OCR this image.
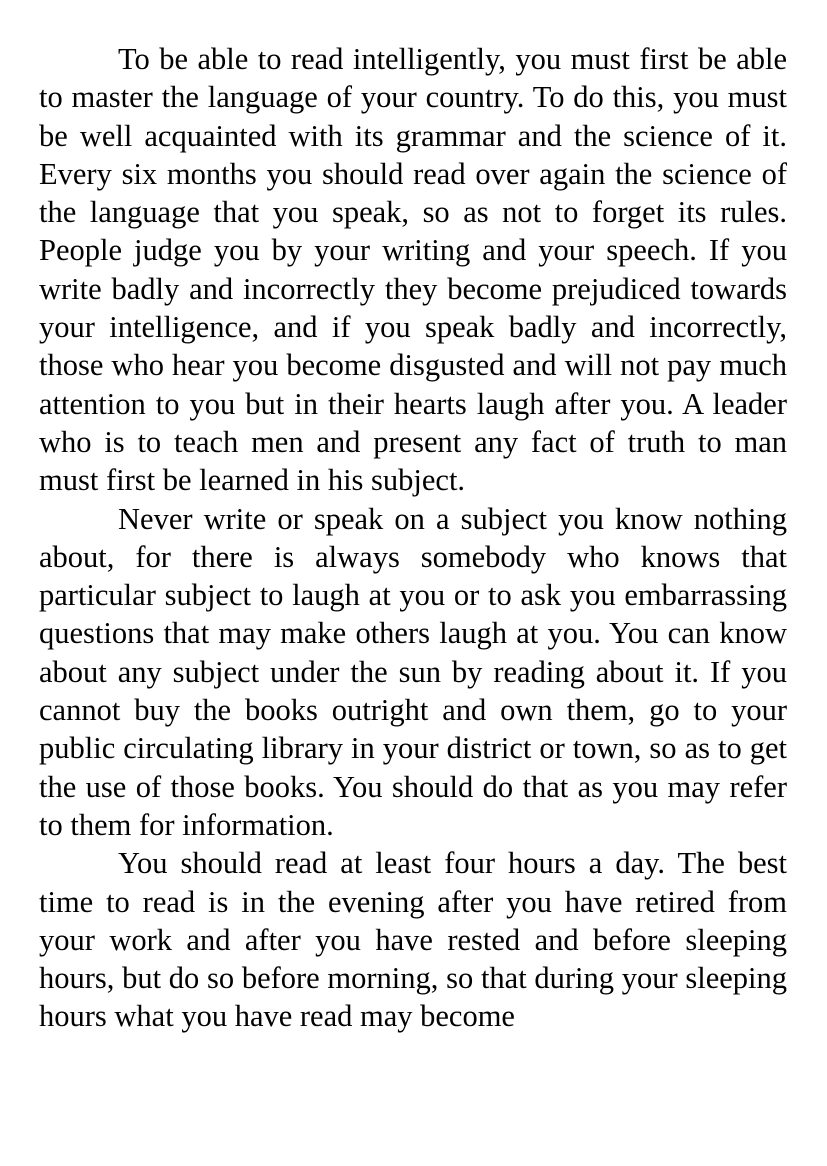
To be able to read intelligently, you must first be able to master the language of your country. To do this, you must be well acquainted with its grammar and the science of it. Every six months you should read over again the science of the language that you speak, so as not to forget its rules. People judge you by your writing and your speech. If you write badly and incorrectly they become prejudiced towards your intelligence, and if you speak badly and incorrectly, those who hear you become disgusted and will not pay much attention to you but in their hearts laugh after you. A leader who is to teach men and present any fact of truth to man must first be learned in his subject.

Never write or speak on a subject you know nothing about, for there is always somebody who knows that particular subject to laugh at you or to ask you embarrassing questions that may make others laugh at you. You can know about any subject under the sun by reading about it. If you cannot buy the books outright and own them, go to your public circulating library in your district or town, so as to get the use of those books. You should do that as you may refer to them for information.

You should read at least four hours a day. The best time to read is in the evening after you have retired from your work and after you have rested and before sleeping hours, but do so before morning, so that during your sleeping hours what you have read may become
